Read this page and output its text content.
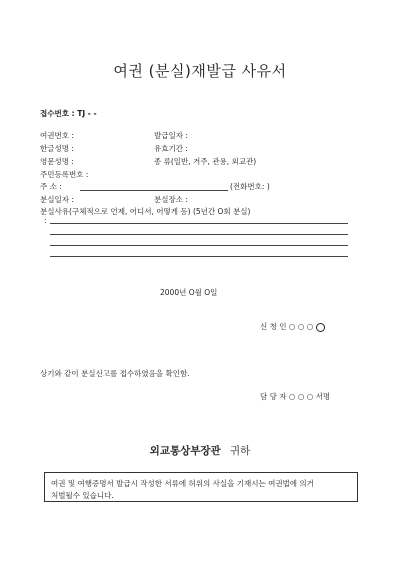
여권 (분실)재발급 사유서
접수번호 : TJ - -
여권번호 :	발급일자 :
한글성명 :	유효기간 :
영문성명 :	종 류(일반, 거주, 관용, 외교관)
주민등록번호 :
주 소 :	(전화번호: )
분실일자 :	분실장소 :
분실사유(구체적으로 언제, 어디서, 어떻게 등) (5년간 O회 분실)
:
2000년 O월 O일
신 청 인 ○ ○ ○
상기와 같이 분실신고를 접수하였음을 확인함.
담 당 자 ○ ○ ○ 서명
외교통상부장관 귀하
여권 및 여행증명서 발급시 작성한 서류에 허위의 사실을 기재시는 여권법에 의거
처벌될수 있습니다.
